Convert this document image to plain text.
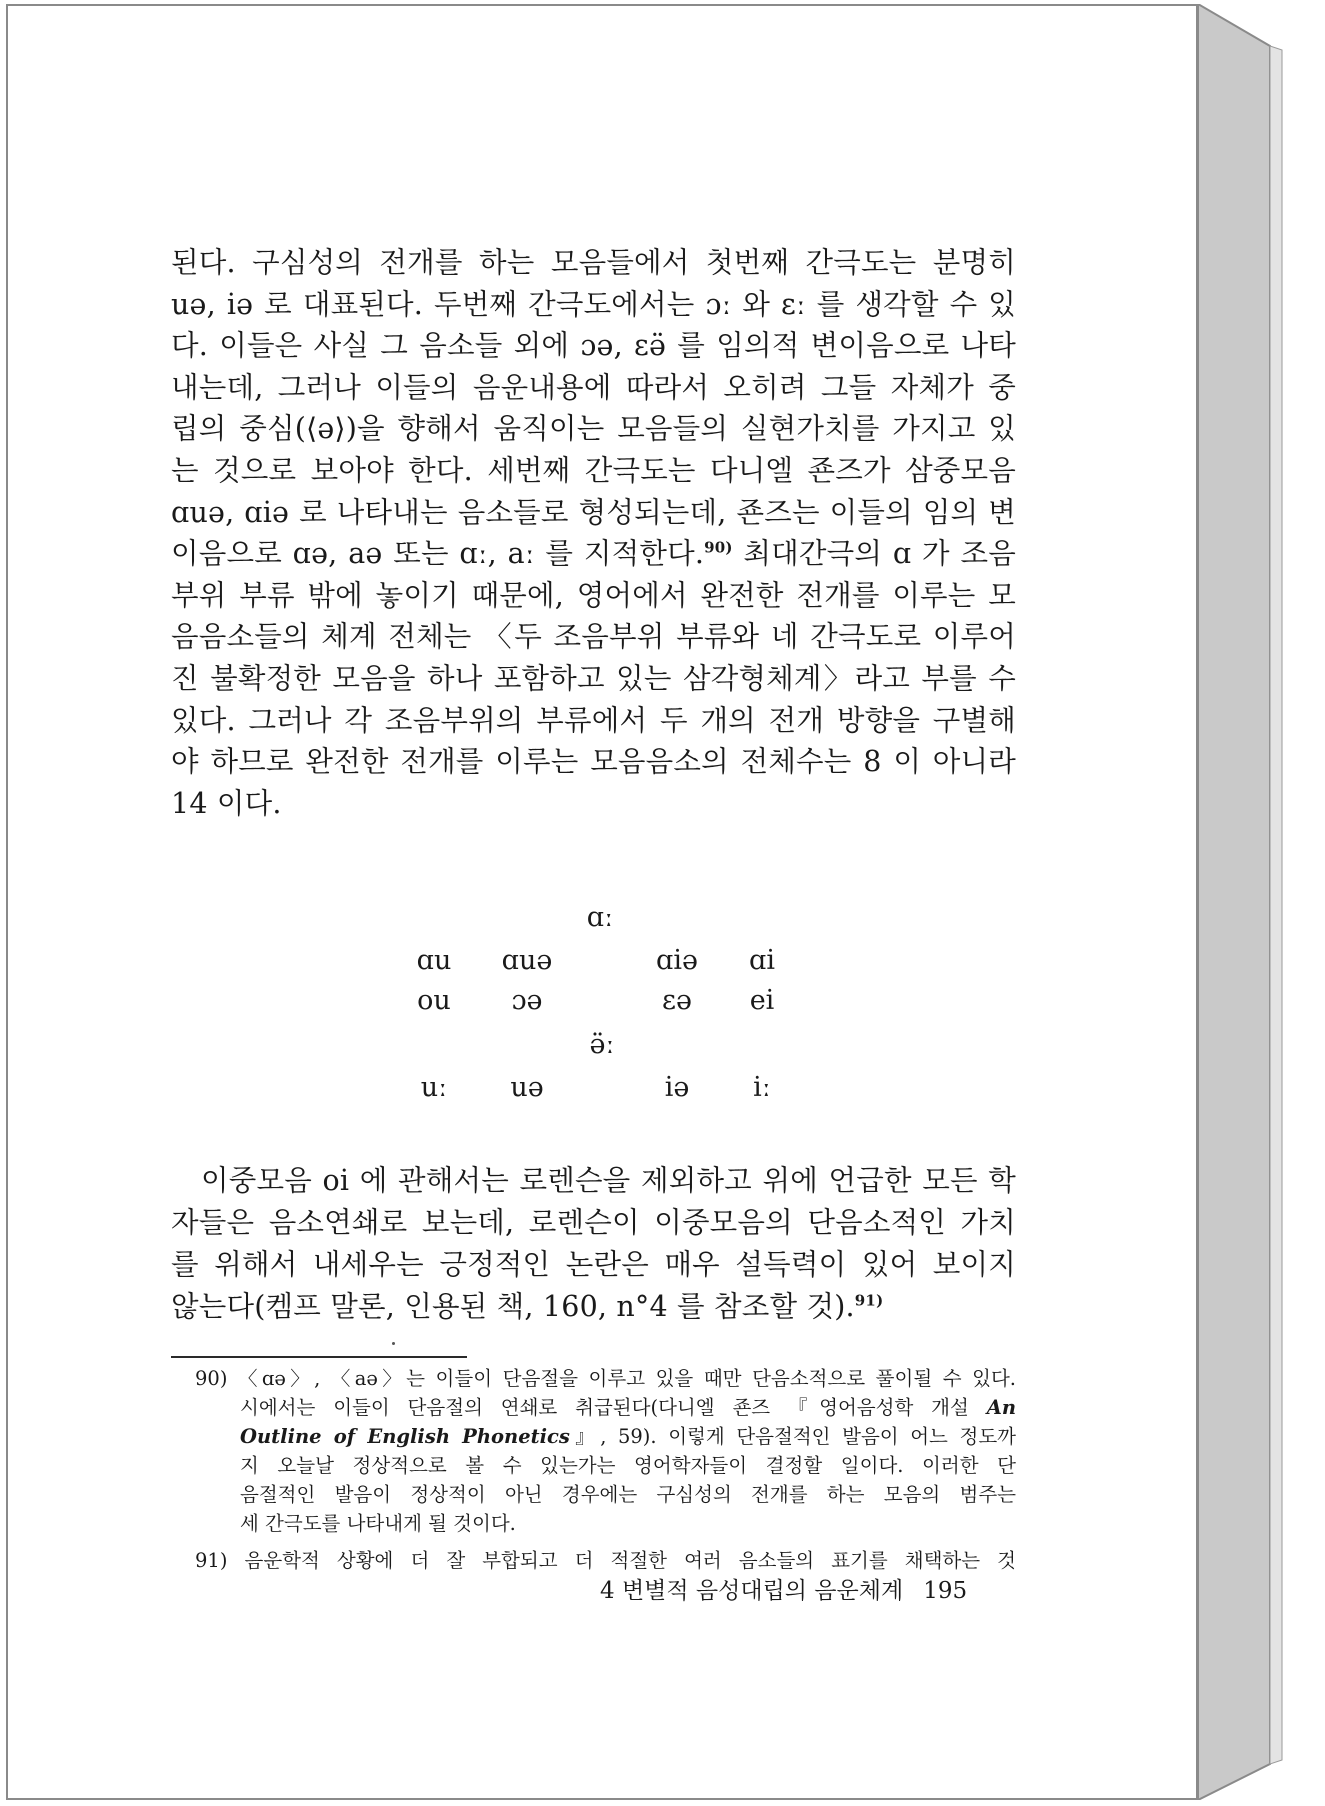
된다. 구심성의 전개를 하는 모음들에서 첫번째 간극도는 분명히
uə, iə 로 대표된다. 두번째 간극도에서는 ɔː 와 ɛː 를 생각할 수 있
다. 이들은 사실 그 음소들 외에 ɔə, ɛə̈ 를 임의적 변이음으로 나타
내는데, 그러나 이들의 음운내용에 따라서 오히려 그들 자체가 중
립의 중심(⟨ə⟩)을 향해서 움직이는 모음들의 실현가치를 가지고 있
는 것으로 보아야 한다. 세번째 간극도는 다니엘 죤즈가 삼중모음
ɑuə, ɑiə 로 나타내는 음소들로 형성되는데, 죤즈는 이들의 임의 변
이음으로 ɑə, aə 또는 ɑː, aː 를 지적한다.$^{90)}$ 최대간극의 ɑ 가 조음
부위 부류 밖에 놓이기 때문에, 영어에서 완전한 전개를 이루는 모
음음소들의 체계 전체는 〈두 조음부위 부류와 네 간극도로 이루어
진 불확정한 모음을 하나 포함하고 있는 삼각형체계〉라고 부를 수
있다. 그러나 각 조음부위의 부류에서 두 개의 전개 방향을 구별해
야 하므로 완전한 전개를 이루는 모음음소의 전체수는 8 이 아니라
14 이다.
ɑː
ɑu	ɑuə	ɑiə	ɑi
ou	ɔə	ɛə	ei
ə̈ː
uː	uə	iə	iː
이중모음 oi 에 관해서는 로렌슨을 제외하고 위에 언급한 모든 학
자들은 음소연쇄로 보는데, 로렌슨이 이중모음의 단음소적인 가치
를 위해서 내세우는 긍정적인 논란은 매우 설득력이 있어 보이지
않는다(켐프 말론, 인용된 책, 160, n°4 를 참조할 것).$^{91)}$
90) 〈ɑə〉, 〈aə〉는 이들이 단음절을 이루고 있을 때만 단음소적으로 풀이될 수 있다.
시에서는 이들이 단음절의 연쇄로 취급된다(다니엘 죤즈 『영어음성학 개설 An
Outline of English Phonetics』, 59). 이렇게 단음절적인 발음이 어느 정도까
지 오늘날 정상적으로 볼 수 있는가는 영어학자들이 결정할 일이다. 이러한 단
음절적인 발음이 정상적이 아닌 경우에는 구심성의 전개를 하는 모음의 범주는
세 간극도를 나타내게 될 것이다.
91) 음운학적 상황에 더 잘 부합되고 더 적절한 여러 음소들의 표기를 채택하는 것
4 변별적 음성대립의 음운체계 195
